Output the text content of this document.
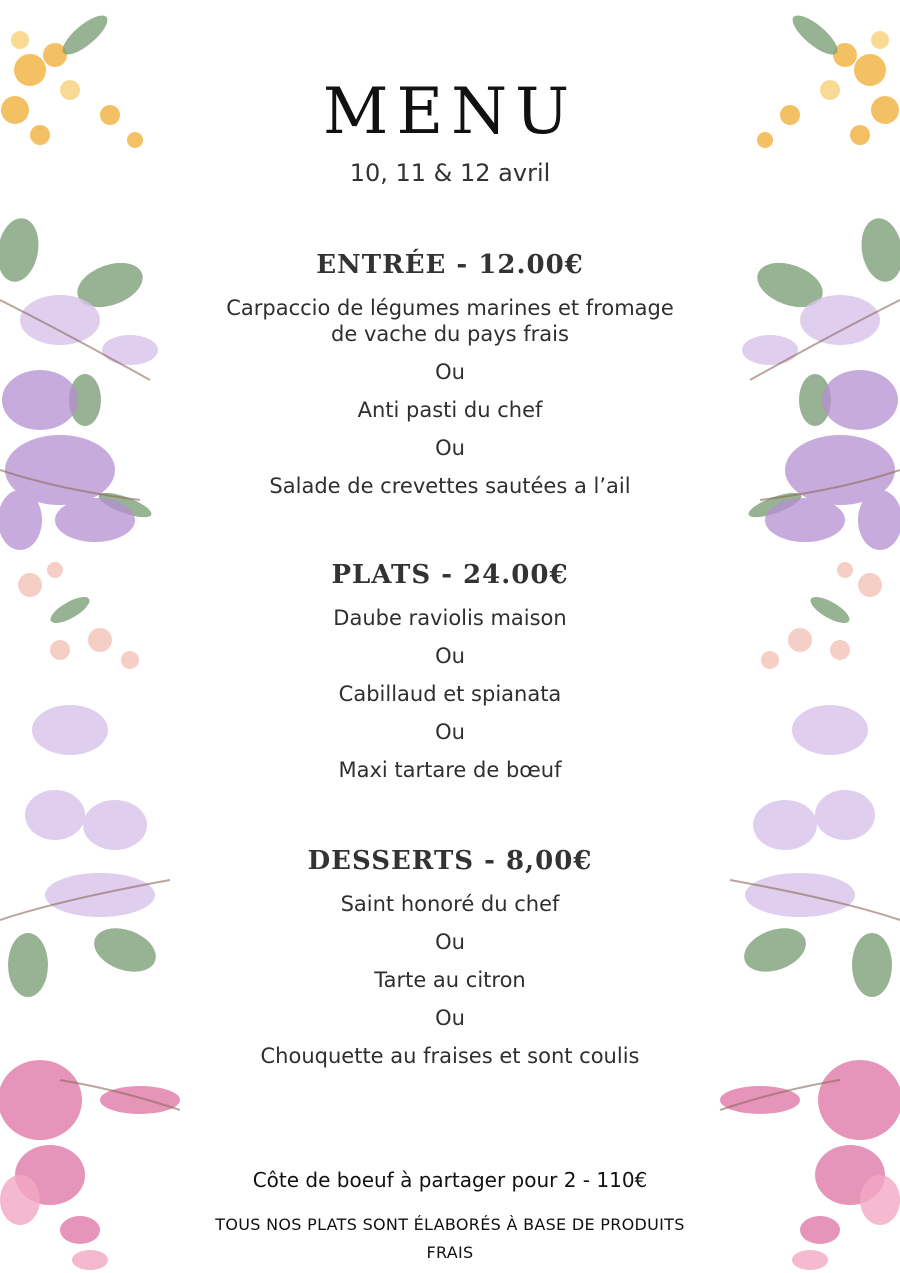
MENU
10, 11 & 12 avril
ENTRÉE - 12.00€
Carpaccio de légumes marines et fromage de vache du pays frais
Ou
Anti pasti du chef
Ou
Salade de crevettes sautées a l’ail
PLATS - 24.00€
Daube raviolis maison
Ou
Cabillaud et spianata
Ou
Maxi tartare de bœuf
DESSERTS - 8,00€
Saint honoré du chef
Ou
Tarte au citron
Ou
Chouquette au fraises et sont coulis
Côte de boeuf à partager pour 2 - 110€
TOUS NOS PLATS SONT ÉLABORÉS À BASE DE PRODUITS FRAIS
